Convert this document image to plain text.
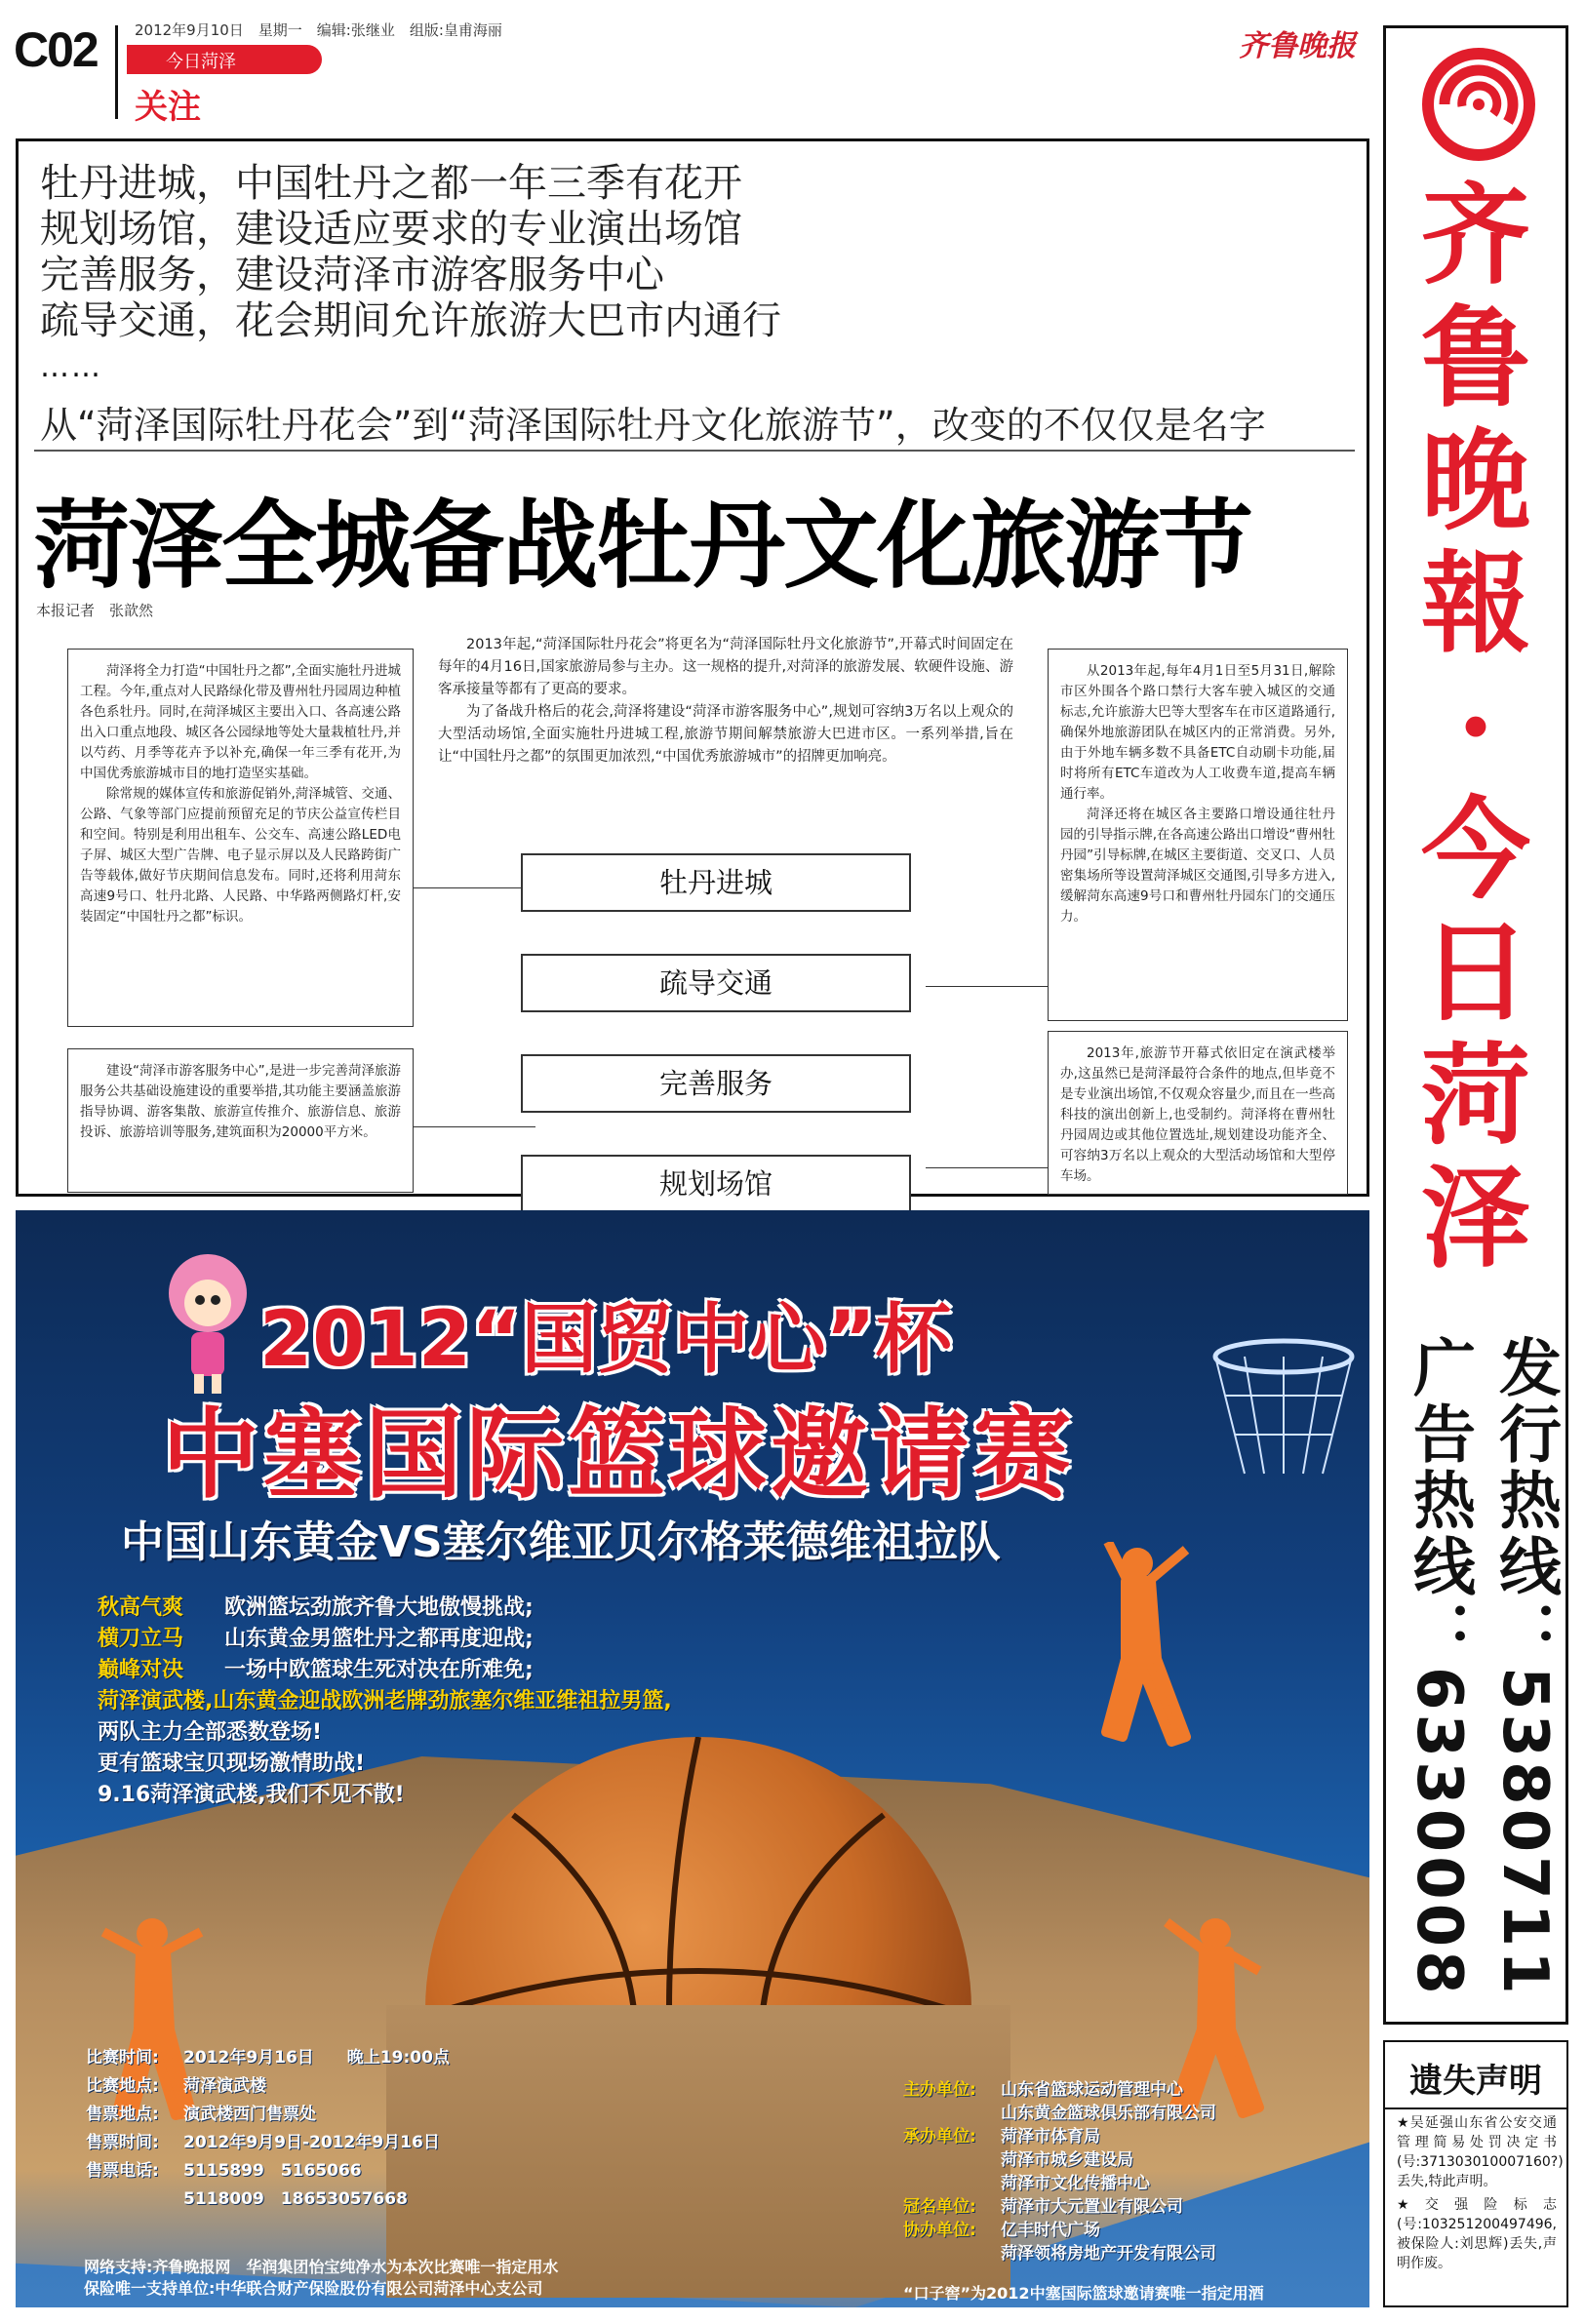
C02	2012年9月10日　星期一　编辑:张继业　组版:皇甫海丽
今日菏泽
关注
齐鲁晚报
齐
鲁
晚
報
·
今
日
菏
泽
发行热线：5380711
广告热线：6330008
遗失声明

★吴延强山东省公安交通管理简易处罚决定书(号:371303010007160?)丢失,特此声明。

★交强险标志(号:103251200497496,被保险人:刘思辉)丢失,声明作废。

牡丹进城，中国牡丹之都一年三季有花开
规划场馆，建设适应要求的专业演出场馆
完善服务，建设菏泽市游客服务中心
疏导交通，花会期间允许旅游大巴市内通行
……
从“菏泽国际牡丹花会”到“菏泽国际牡丹文化旅游节”，改变的不仅仅是名字
菏泽全城备战牡丹文化旅游节
本报记者　张歆然

菏泽将全力打造“中国牡丹之都”,全面实施牡丹进城工程。今年,重点对人民路绿化带及曹州牡丹园周边种植各色系牡丹。同时,在菏泽城区主要出入口、各高速公路出入口重点地段、城区各公园绿地等处大量栽植牡丹,并以芍药、月季等花卉予以补充,确保一年三季有花开,为中国优秀旅游城市目的地打造坚实基础。

除常规的媒体宣传和旅游促销外,菏泽城管、交通、公路、气象等部门应提前预留充足的节庆公益宣传栏目和空间。特别是利用出租车、公交车、高速公路LED电子屏、城区大型广告牌、电子显示屏以及人民路跨街广告等载体,做好节庆期间信息发布。同时,还将利用菏东高速9号口、牡丹北路、人民路、中华路两侧路灯杆,安装固定“中国牡丹之都”标识。

建设“菏泽市游客服务中心”,是进一步完善菏泽旅游服务公共基础设施建设的重要举措,其功能主要涵盖旅游指导协调、游客集散、旅游宣传推介、旅游信息、旅游投诉、旅游培训等服务,建筑面积为20000平方米。

2013年起,“菏泽国际牡丹花会”将更名为“菏泽国际牡丹文化旅游节”,开幕式时间固定在每年的4月16日,国家旅游局参与主办。这一规格的提升,对菏泽的旅游发展、软硬件设施、游客承接量等都有了更高的要求。

为了备战升格后的花会,菏泽将建设“菏泽市游客服务中心”,规划可容纳3万名以上观众的大型活动场馆,全面实施牡丹进城工程,旅游节期间解禁旅游大巴进市区。一系列举措,旨在让“中国牡丹之都”的氛围更加浓烈,“中国优秀旅游城市”的招牌更加响亮。

从2013年起,每年4月1日至5月31日,解除市区外围各个路口禁行大客车驶入城区的交通标志,允许旅游大巴等大型客车在市区道路通行,确保外地旅游团队在城区内的正常消费。另外,由于外地车辆多数不具备ETC自动刷卡功能,届时将所有ETC车道改为人工收费车道,提高车辆通行率。

菏泽还将在城区各主要路口增设通往牡丹园的引导指示牌,在各高速公路出口增设“曹州牡丹园”引导标牌,在城区主要街道、交叉口、人员密集场所等设置菏泽城区交通图,引导多方进入,缓解菏东高速9号口和曹州牡丹园东门的交通压力。

2013年,旅游节开幕式依旧定在演武楼举办,这虽然已是菏泽最符合条件的地点,但毕竟不是专业演出场馆,不仅观众容量少,而且在一些高科技的演出创新上,也受制约。菏泽将在曹州牡丹园周边或其他位置选址,规划建设功能齐全、可容纳3万名以上观众的大型活动场馆和大型停车场。

牡丹进城
疏导交通
完善服务
规划场馆
2012“国贸中心”杯
中塞国际篮球邀请赛
中国山东黄金VS塞尔维亚贝尔格莱德维祖拉队
秋高气爽 欧洲篮坛劲旅齐鲁大地傲慢挑战;
横刀立马 山东黄金男篮牡丹之都再度迎战;
巅峰对决 一场中欧篮球生死对决在所难免;
菏泽演武楼,山东黄金迎战欧洲老牌劲旅塞尔维亚维祖拉男篮,
两队主力全部悉数登场!
更有篮球宝贝现场激情助战!
9.16菏泽演武楼,我们不见不散!
比赛时间: 2012年9月16日　　晚上19:00点
比赛地点: 菏泽演武楼
售票地点: 演武楼西门售票处
售票时间: 2012年9月9日-2012年9月16日
售票电话: 5115899　5165066
5118009　18653057668
主办单位: 山东省篮球运动管理中心
山东黄金篮球俱乐部有限公司
承办单位: 菏泽市体育局
菏泽市城乡建设局
菏泽市文化传播中心
冠名单位: 菏泽市大元置业有限公司
协办单位: 亿丰时代广场
菏泽领将房地产开发有限公司
网络支持:齐鲁晚报网　华润集团怡宝纯净水为本次比赛唯一指定用水
保险唯一支持单位:中华联合财产保险股份有限公司菏泽中心支公司	“口子窖”为2012中塞国际篮球邀请赛唯一指定用酒
